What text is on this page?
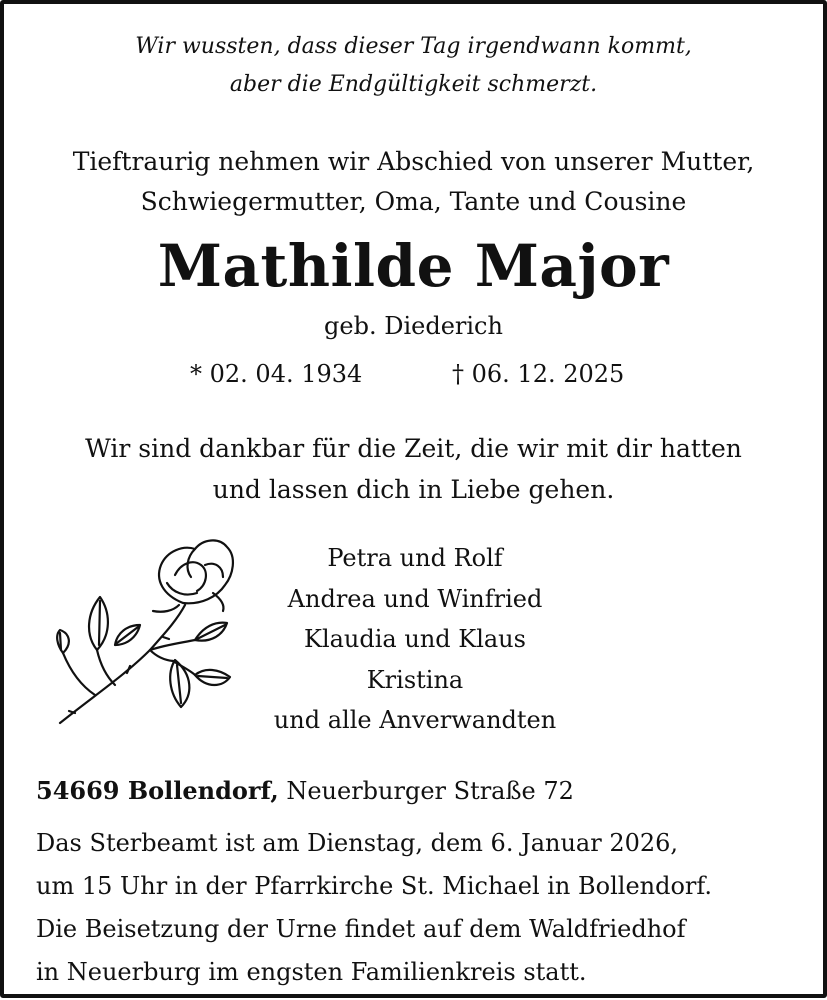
Wir wussten, dass dieser Tag irgendwann kommt,
aber die Endgültigkeit schmerzt.
Tieftraurig nehmen wir Abschied von unserer Mutter,
Schwiegermutter, Oma, Tante und Cousine
Mathilde Major
geb. Diederich
* 02. 04. 1934	† 06. 12. 2025
Wir sind dankbar für die Zeit, die wir mit dir hatten
und lassen dich in Liebe gehen.
Petra und Rolf
Andrea und Winfried
Klaudia und Klaus
Kristina
und alle Anverwandten
54669 Bollendorf, Neuerburger Straße 72
Das Sterbeamt ist am Dienstag, dem 6. Januar 2026,
um 15 Uhr in der Pfarrkirche St. Michael in Bollendorf.
Die Beisetzung der Urne findet auf dem Waldfriedhof
in Neuerburg im engsten Familienkreis statt.
